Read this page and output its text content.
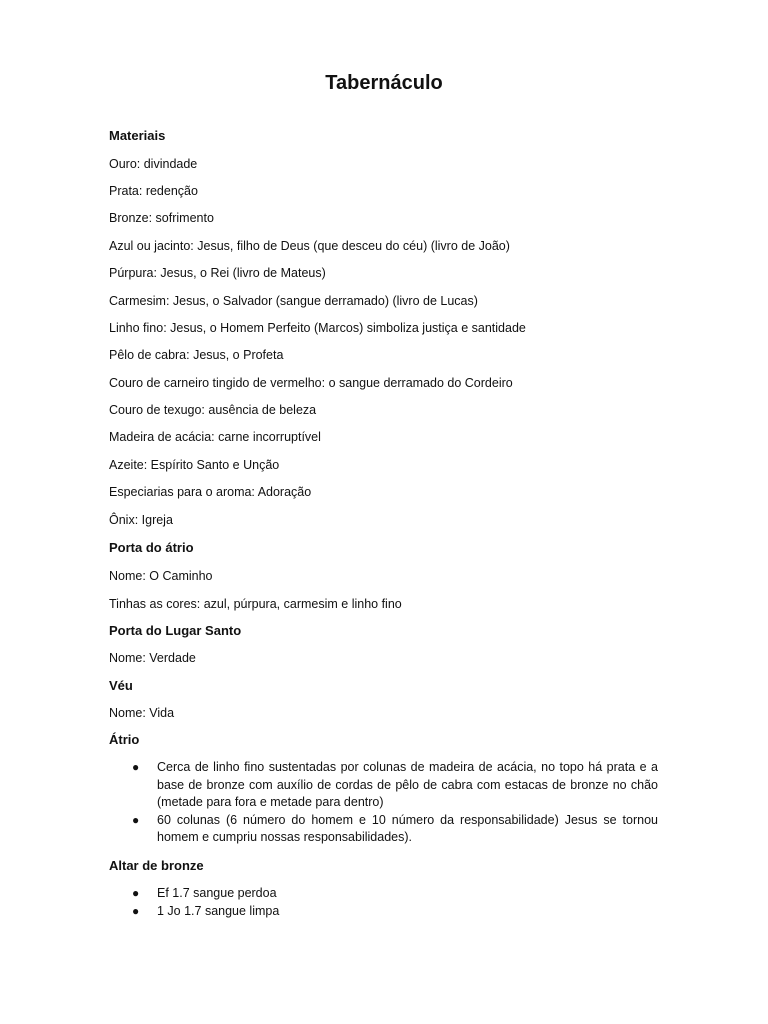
Tabernáculo
Materiais
Ouro: divindade
Prata: redenção
Bronze: sofrimento
Azul ou jacinto: Jesus, filho de Deus (que desceu do céu) (livro de João)
Púrpura: Jesus, o Rei (livro de Mateus)
Carmesim: Jesus, o Salvador (sangue derramado) (livro de Lucas)
Linho fino: Jesus, o Homem Perfeito (Marcos) simboliza justiça e santidade
Pêlo de cabra: Jesus, o Profeta
Couro de carneiro tingido de vermelho: o sangue derramado do Cordeiro
Couro de texugo: ausência de beleza
Madeira de acácia: carne incorruptível
Azeite: Espírito Santo e Unção
Especiarias para o aroma: Adoração
Ônix: Igreja
Porta do átrio
Nome: O Caminho
Tinhas as cores: azul, púrpura, carmesim e linho fino
Porta do Lugar Santo
Nome: Verdade
Véu
Nome: Vida
Átrio
● Cerca de linho fino sustentadas por colunas de madeira de acácia, no topo há prata e a base de bronze com auxílio de cordas de pêlo de cabra com estacas de bronze no chão (metade para fora e metade para dentro)
● 60 colunas (6 número do homem e 10 número da responsabilidade) Jesus se tornou homem e cumpriu nossas responsabilidades).
Altar de bronze
● Ef 1.7 sangue perdoa
● 1 Jo 1.7 sangue limpa
